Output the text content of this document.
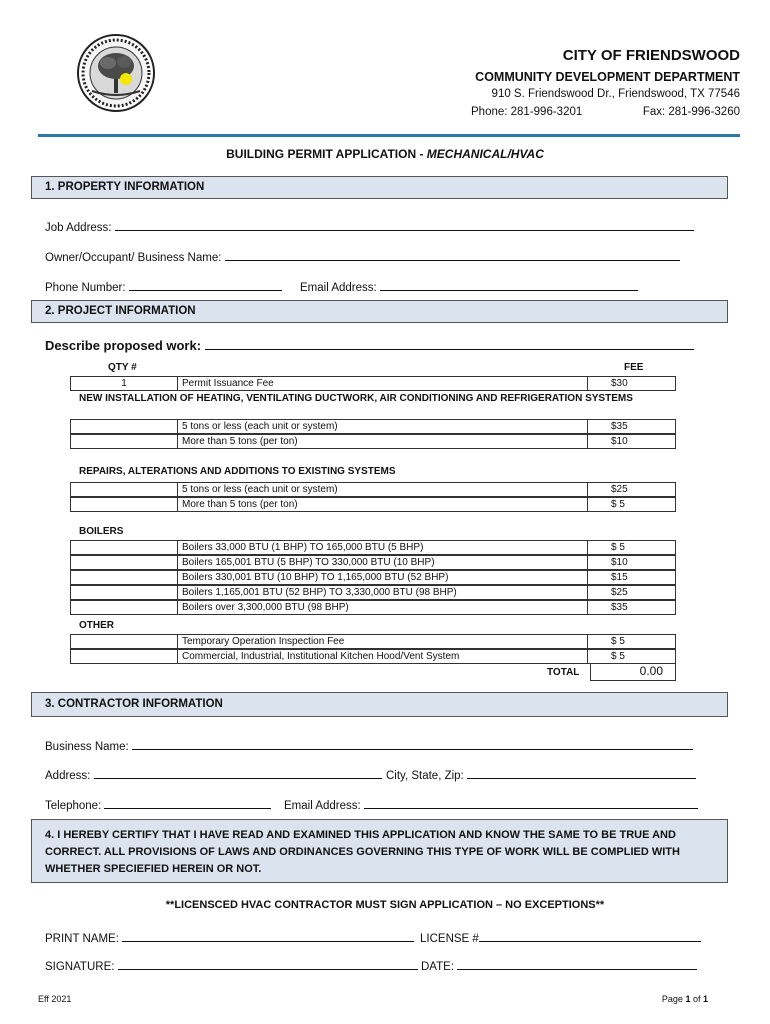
CITY OF FRIENDSWOOD
COMMUNITY DEVELOPMENT DEPARTMENT
910 S. Friendswood Dr., Friendswood, TX 77546
Phone: 281-996-3201	Fax: 281-996-3260
BUILDING PERMIT APPLICATION - MECHANICAL/HVAC
1. PROPERTY INFORMATION
Job Address:
Owner/Occupant/ Business Name:
Phone Number:	Email Address:
2. PROJECT INFORMATION
Describe proposed work:
QTY #	FEE
1	Permit Issuance Fee	$30
NEW INSTALLATION OF HEATING, VENTILATING DUCTWORK, AIR CONDITIONING AND REFRIGERATION SYSTEMS
5 tons or less (each unit or system)	$35
More than 5 tons (per ton)	$10
REPAIRS, ALTERATIONS AND ADDITIONS TO EXISTING SYSTEMS
5 tons or less (each unit or system)	$25
More than 5 tons (per ton)	$ 5
BOILERS
Boilers 33,000 BTU (1 BHP) TO 165,000 BTU (5 BHP)	$ 5
Boilers 165,001 BTU (5 BHP) TO 330,000 BTU (10 BHP)	$10
Boilers 330,001 BTU (10 BHP) TO 1,165,000 BTU (52 BHP)	$15
Boilers 1,165,001 BTU (52 BHP) TO 3,330,000 BTU (98 BHP)	$25
Boilers over 3,300,000 BTU (98 BHP)	$35
OTHER
Temporary Operation Inspection Fee	$ 5
Commercial, Industrial, Institutional Kitchen Hood/Vent System	$ 5
TOTAL	0.00
3. CONTRACTOR INFORMATION
Business Name:
Address:	City, State, Zip:
Telephone:	Email Address:
4. I HEREBY CERTIFY THAT I HAVE READ AND EXAMINED THIS APPLICATION AND KNOW THE SAME TO BE TRUE AND CORRECT. ALL PROVISIONS OF LAWS AND ORDINANCES GOVERNING THIS TYPE OF WORK WILL BE COMPLIED WITH WHETHER SPECIEFIED HEREIN OR NOT.
**LICENSCED HVAC CONTRACTOR MUST SIGN APPLICATION – NO EXCEPTIONS**
PRINT NAME:	LICENSE #
SIGNATURE:	DATE:
Eff 2021	Page 1 of 1
